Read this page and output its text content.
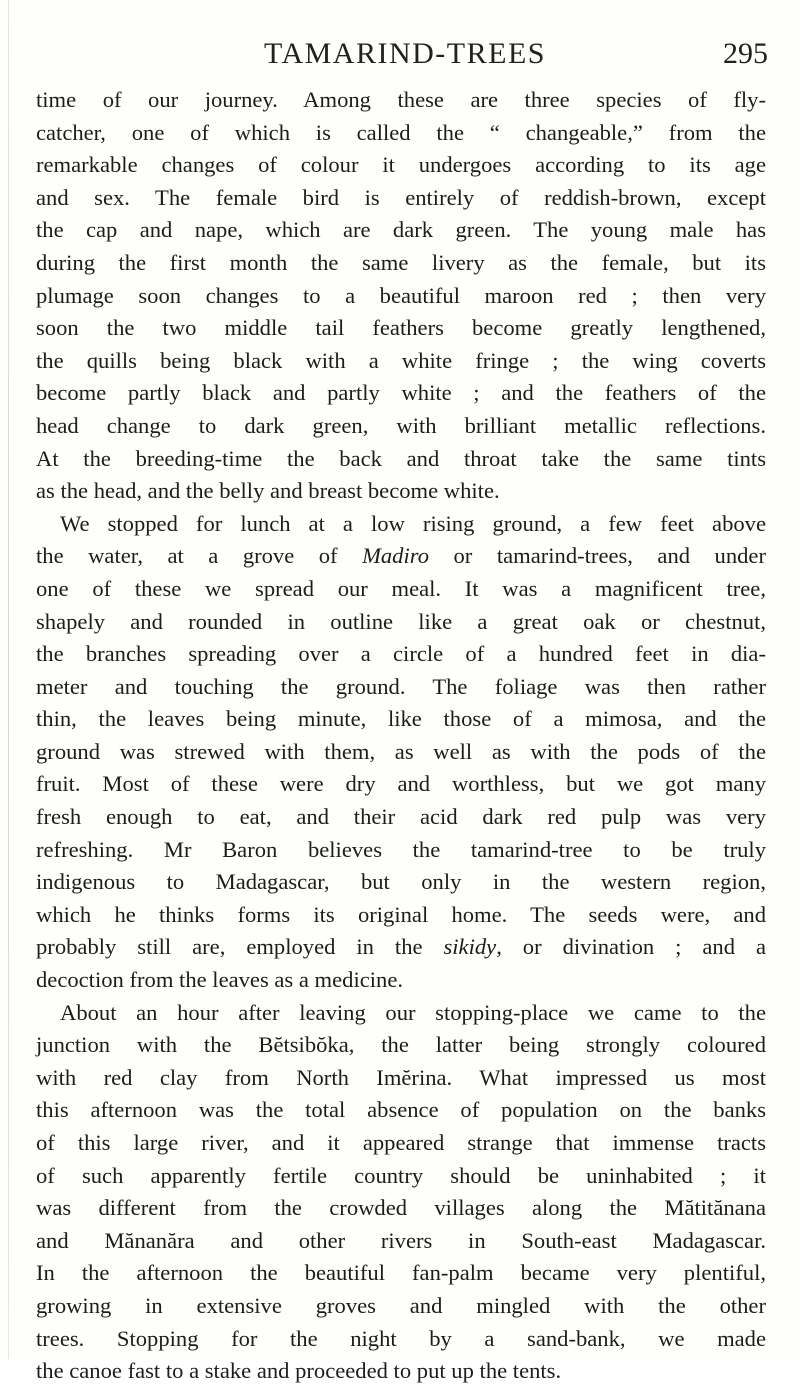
TAMARIND-TREES	295
time of our journey. Among these are three species of fly-
catcher, one of which is called the “ changeable,” from the
remarkable changes of colour it undergoes according to its age
and sex. The female bird is entirely of reddish-brown, except
the cap and nape, which are dark green. The young male has
during the first month the same livery as the female, but its
plumage soon changes to a beautiful maroon red ; then very
soon the two middle tail feathers become greatly lengthened,
the quills being black with a white fringe ; the wing coverts
become partly black and partly white ; and the feathers of the
head change to dark green, with brilliant metallic reflections.
At the breeding-time the back and throat take the same tints
as the head, and the belly and breast become white.
We stopped for lunch at a low rising ground, a few feet above
the water, at a grove of Madiro or tamarind-trees, and under
one of these we spread our meal. It was a magnificent tree,
shapely and rounded in outline like a great oak or chestnut,
the branches spreading over a circle of a hundred feet in dia-
meter and touching the ground. The foliage was then rather
thin, the leaves being minute, like those of a mimosa, and the
ground was strewed with them, as well as with the pods of the
fruit. Most of these were dry and worthless, but we got many
fresh enough to eat, and their acid dark red pulp was very
refreshing. Mr Baron believes the tamarind-tree to be truly
indigenous to Madagascar, but only in the western region,
which he thinks forms its original home. The seeds were, and
probably still are, employed in the sikidy, or divination ; and a
decoction from the leaves as a medicine.
About an hour after leaving our stopping-place we came to the
junction with the Bĕtsibŏka, the latter being strongly coloured
with red clay from North Imĕrina. What impressed us most
this afternoon was the total absence of population on the banks
of this large river, and it appeared strange that immense tracts
of such apparently fertile country should be uninhabited ; it
was different from the crowded villages along the Mătitănana
and Mănanăra and other rivers in South-east Madagascar.
In the afternoon the beautiful fan-palm became very plentiful,
growing in extensive groves and mingled with the other
trees. Stopping for the night by a sand-bank, we made
the canoe fast to a stake and proceeded to put up the tents.
